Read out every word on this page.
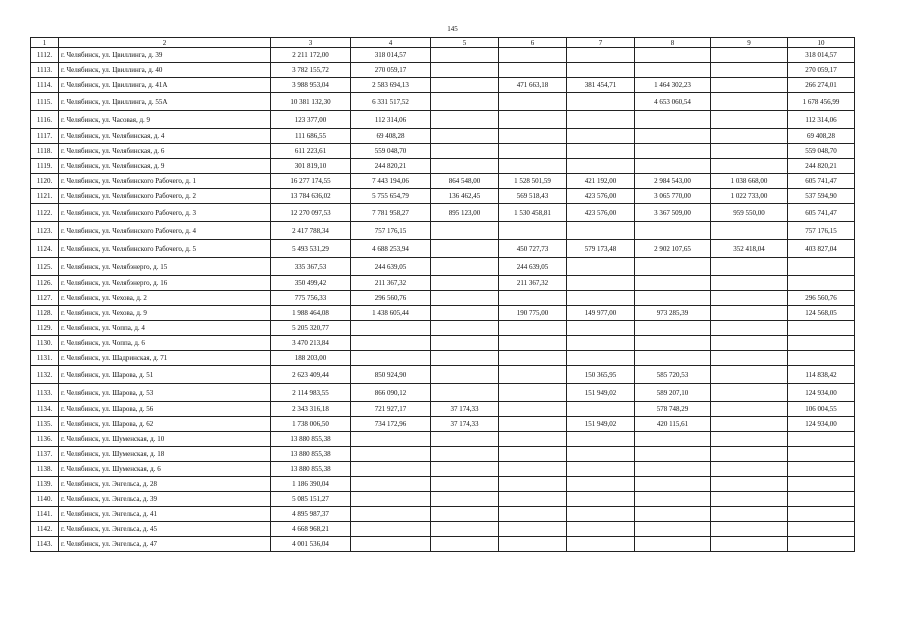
145
1	2	3	4	5	6	7	8	9	10
1112.	г. Челябинск, ул. Цвиллинга, д. 39	2 211 172,00	318 014,57						318 014,57
1113.	г. Челябинск, ул. Цвиллинга, д. 40	3 782 155,72	270 059,17						270 059,17
1114.	г. Челябинск, ул. Цвиллинга, д. 41А	3 988 953,04	2 583 694,13		471 663,18	381 454,71	1 464 302,23		266 274,01
1115.	г. Челябинск, ул. Цвиллинга, д. 55А	10 381 132,30	6 331 517,52				4 653 060,54		1 678 456,99
1116.	г. Челябинск, ул. Часовая, д. 9	123 377,00	112 314,06						112 314,06
1117.	г. Челябинск, ул. Челябинская, д. 4	111 686,55	69 408,28						69 408,28
1118.	г. Челябинск, ул. Челябинская, д. 6	611 223,61	559 048,70						559 048,70
1119.	г. Челябинск, ул. Челябинская, д. 9	301 819,10	244 820,21						244 820,21
1120.	г. Челябинск, ул. Челябинского Рабочего, д. 1	16 277 174,55	7 443 194,06	864 548,00	1 528 501,59	421 192,00	2 984 543,00	1 038 668,00	605 741,47
1121.	г. Челябинск, ул. Челябинского Рабочего, д. 2	13 784 636,02	5 755 654,79	136 462,45	569 518,43	423 576,00	3 065 770,00	1 022 733,00	537 594,90
1122.	г. Челябинск, ул. Челябинского Рабочего, д. 3	12 270 097,53	7 781 958,27	895 123,00	1 530 458,81	423 576,00	3 367 509,00	959 550,00	605 741,47
1123.	г. Челябинск, ул. Челябинского Рабочего, д. 4	2 417 788,34	757 176,15						757 176,15
1124.	г. Челябинск, ул. Челябинского Рабочего, д. 5	5 493 531,29	4 688 253,94		450 727,73	579 173,48	2 902 107,65	352 418,04	403 827,04
1125.	г. Челябинск, ул. Челябэнерго, д. 15	335 367,53	244 639,05		244 639,05				
1126.	г. Челябинск, ул. Челябэнерго, д. 16	350 499,42	211 367,32		211 367,32				
1127.	г. Челябинск, ул. Чехова, д. 2	775 756,33	296 560,76						296 560,76
1128.	г. Челябинск, ул. Чехова, д. 9	1 988 464,08	1 438 605,44		190 775,00	149 977,00	973 285,39		124 568,05
1129.	г. Челябинск, ул. Чоппа, д. 4	5 205 320,77							
1130.	г. Челябинск, ул. Чоппа, д. 6	3 470 213,84							
1131.	г. Челябинск, ул. Шадринская, д. 71	188 203,00							
1132.	г. Челябинск, ул. Шарова, д. 51	2 623 409,44	850 924,90			150 365,95	585 720,53		114 838,42
1133.	г. Челябинск, ул. Шарова, д. 53	2 114 983,55	866 090,12			151 949,02	589 207,10		124 934,00
1134.	г. Челябинск, ул. Шарова, д. 56	2 343 316,18	721 927,17	37 174,33			578 748,29		106 004,55
1135.	г. Челябинск, ул. Шарова, д. 62	1 738 006,50	734 172,96	37 174,33		151 949,02	420 115,61		124 934,00
1136.	г. Челябинск, ул. Шуменская, д. 10	13 880 855,38							
1137.	г. Челябинск, ул. Шуменская, д. 18	13 880 855,38							
1138.	г. Челябинск, ул. Шуменская, д. 6	13 880 855,38							
1139.	г. Челябинск, ул. Энгельса, д. 28	1 186 390,04							
1140.	г. Челябинск, ул. Энгельса, д. 39	5 085 151,27							
1141.	г. Челябинск, ул. Энгельса, д. 41	4 895 987,37							
1142.	г. Челябинск, ул. Энгельса, д. 45	4 668 968,21							
1143.	г. Челябинск, ул. Энгельса, д. 47	4 001 536,04							
